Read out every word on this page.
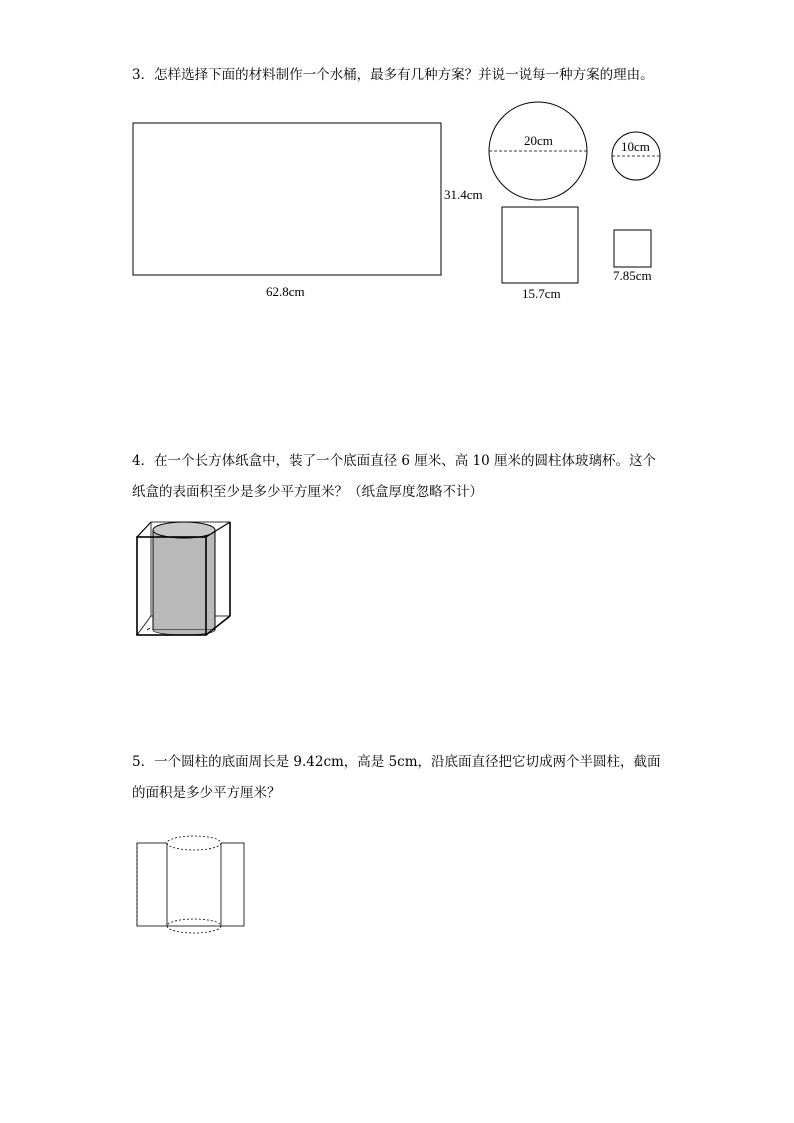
3．怎样选择下面的材料制作一个水桶，最多有几种方案？并说一说每一种方案的理由。

62.8cm
31.4cm
20cm	10cm
15.7cm
7.85cm

4．在一个长方体纸盒中，装了一个底面直径 6 厘米、高 10 厘米的圆柱体玻璃杯。这个
纸盒的表面积至少是多少平方厘米？（纸盒厚度忽略不计）

5．一个圆柱的底面周长是 9.42cm，高是 5cm，沿底面直径把它切成两个半圆柱，截面
的面积是多少平方厘米？
